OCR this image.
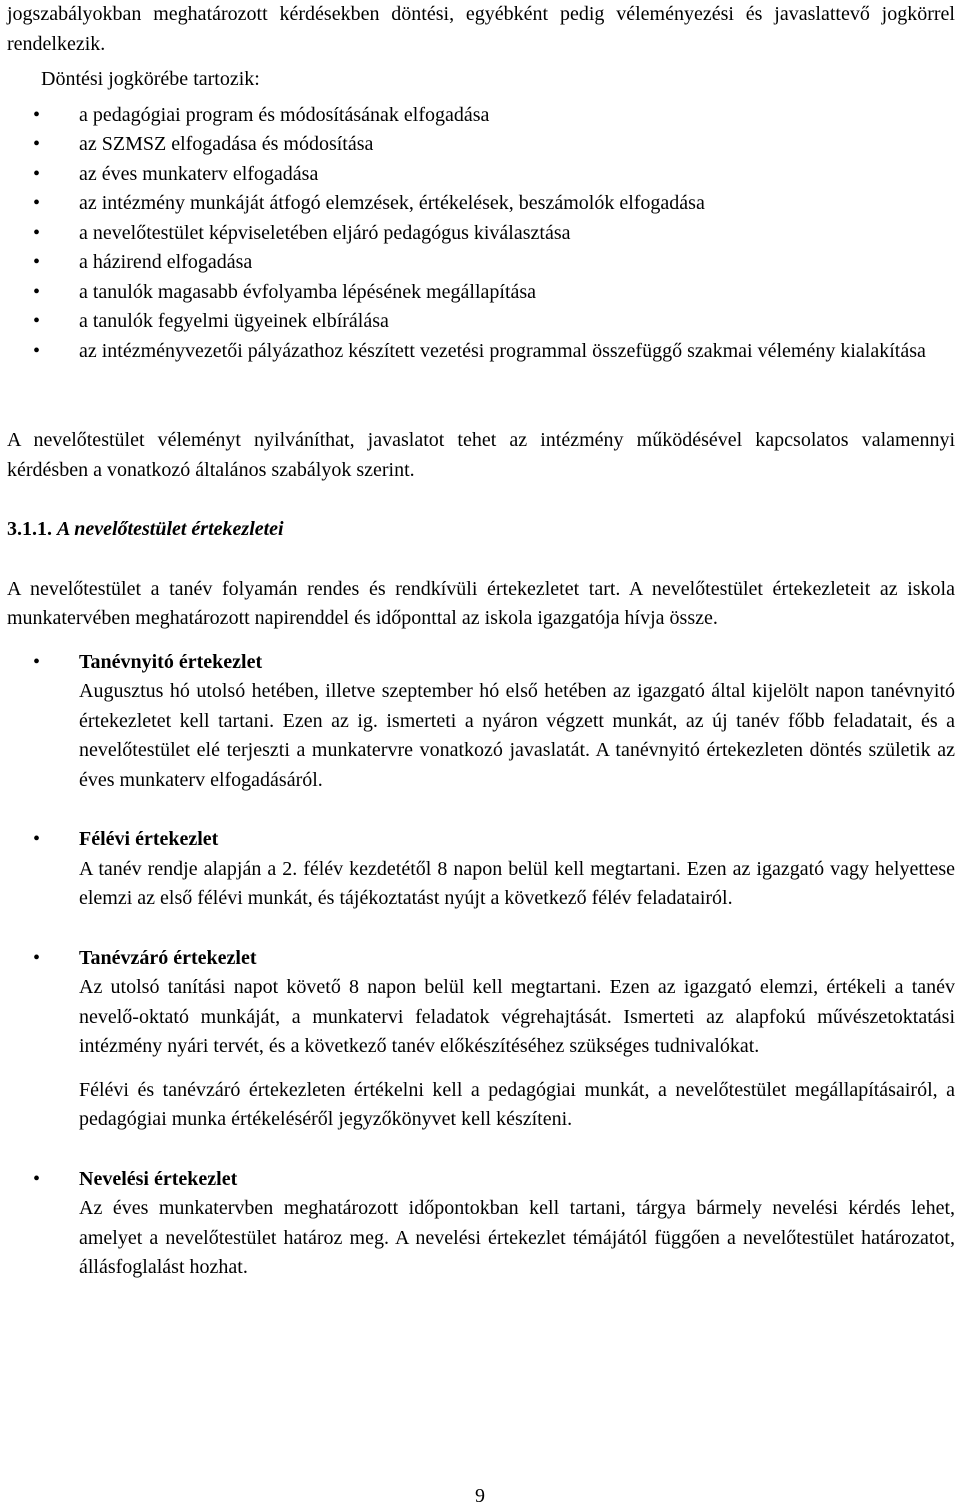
jogszabályokban meghatározott kérdésekben döntési, egyébként pedig véleményezési és javaslattevő jogkörrel rendelkezik.

Döntési jogkörébe tartozik:

• a pedagógiai program és módosításának elfogadása
• az SZMSZ elfogadása és módosítása
• az éves munkaterv elfogadása
• az intézmény munkáját átfogó elemzések, értékelések, beszámolók elfogadása
• a nevelőtestület képviseletében eljáró pedagógus kiválasztása
• a házirend elfogadása
• a tanulók magasabb évfolyamba lépésének megállapítása
• a tanulók fegyelmi ügyeinek elbírálása
• az intézményvezetői pályázathoz készített vezetési programmal összefüggő szakmai vélemény kialakítása

A nevelőtestület véleményt nyilváníthat, javaslatot tehet az intézmény működésével kapcsolatos valamennyi kérdésben a vonatkozó általános szabályok szerint.

3.1.1. A nevelőtestület értekezletei

A nevelőtestület a tanév folyamán rendes és rendkívüli értekezletet tart. A nevelőtestület értekezleteit az iskola munkatervében meghatározott napirenddel és időponttal az iskola igazgatója hívja össze.

• Tanévnyitó értekezlet

Augusztus hó utolsó hetében, illetve szeptember hó első hetében az igazgató által kijelölt napon tanévnyitó értekezletet kell tartani. Ezen az ig. ismerteti a nyáron végzett munkát, az új tanév főbb feladatait, és a nevelőtestület elé terjeszti a munkatervre vonatkozó javaslatát. A tanévnyitó értekezleten döntés születik az éves munkaterv elfogadásáról.

• Félévi értekezlet

A tanév rendje alapján a 2. félév kezdetétől 8 napon belül kell megtartani. Ezen az igazgató vagy helyettese elemzi az első félévi munkát, és tájékoztatást nyújt a következő félév feladatairól.

• Tanévzáró értekezlet

Az utolsó tanítási napot követő 8 napon belül kell megtartani. Ezen az igazgató elemzi, értékeli a tanév nevelő-oktató munkáját, a munkatervi feladatok végrehajtását. Ismerteti az alapfokú művészetoktatási intézmény nyári tervét, és a következő tanév előkészítéséhez szükséges tudnivalókat.

Félévi és tanévzáró értekezleten értékelni kell a pedagógiai munkát, a nevelőtestület megállapításairól, a pedagógiai munka értékeléséről jegyzőkönyvet kell készíteni.

• Nevelési értekezlet

Az éves munkatervben meghatározott időpontokban kell tartani, tárgya bármely nevelési kérdés lehet, amelyet a nevelőtestület határoz meg. A nevelési értekezlet témájától függően a nevelőtestület határozatot, állásfoglalást hozhat.

9
